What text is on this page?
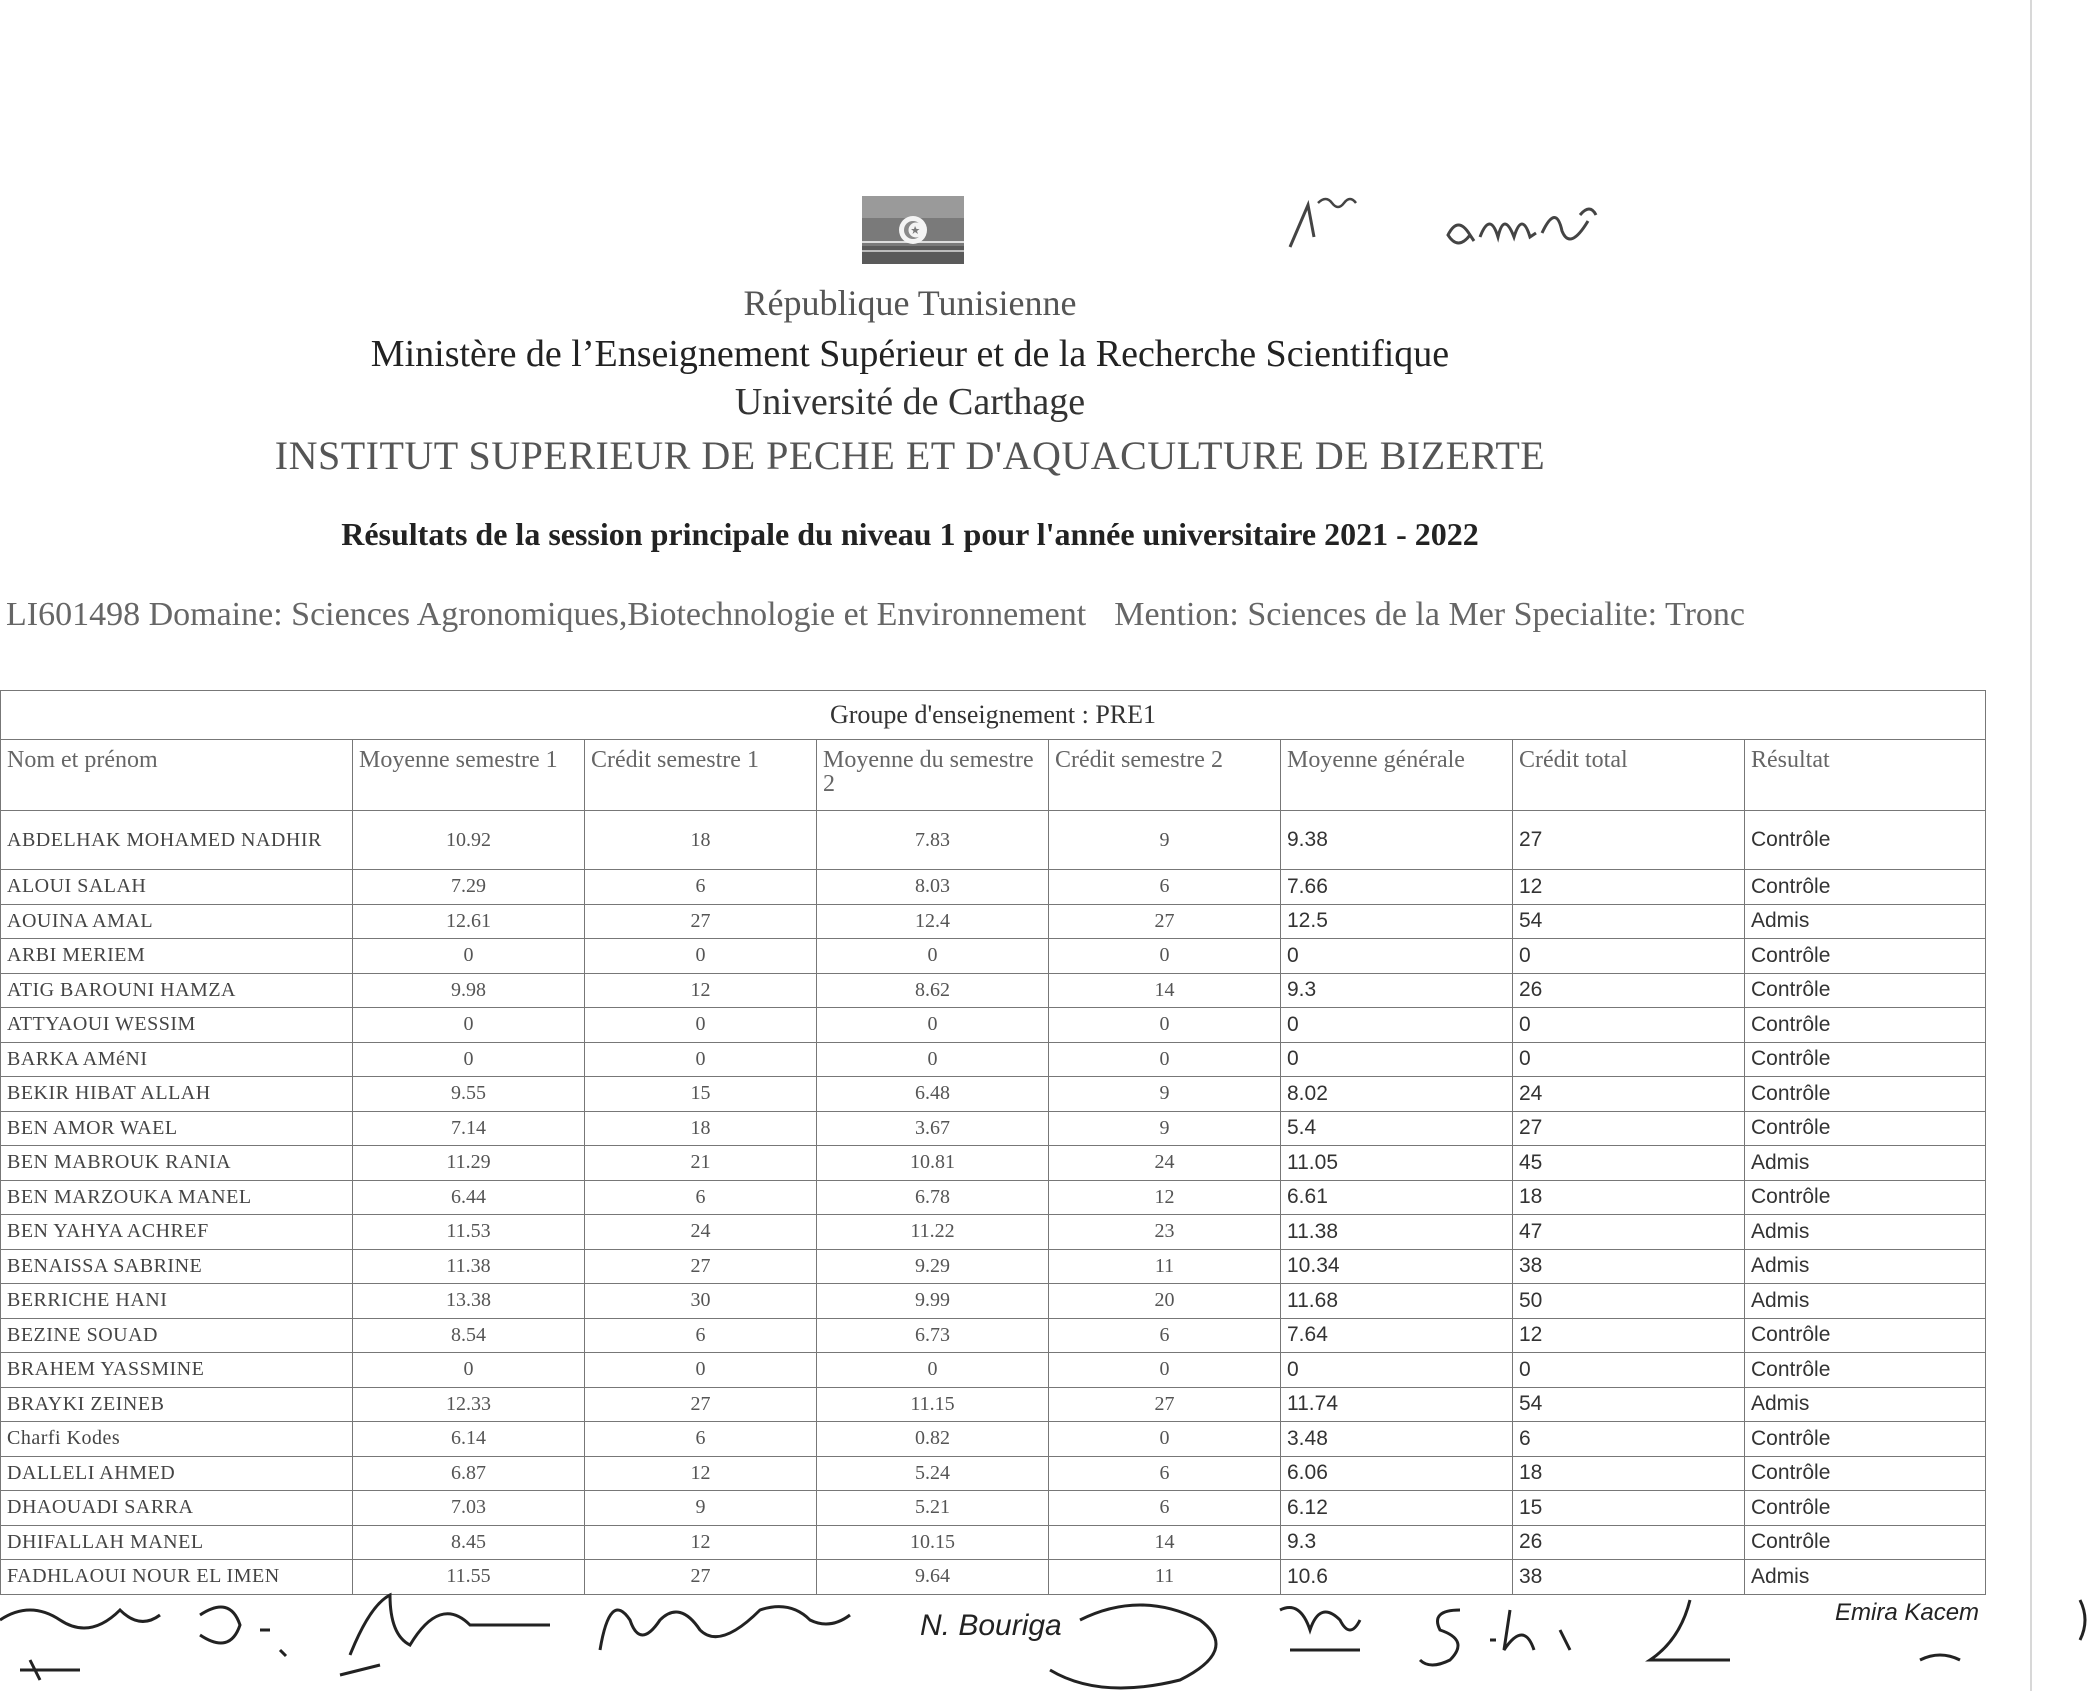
République Tunisienne
Ministère de l’Enseignement Supérieur et de la Recherche Scientifique
Université de Carthage
INSTITUT SUPERIEUR DE PECHE ET D'AQUACULTURE DE BIZERTE
Résultats de la session principale du niveau 1 pour l'année universitaire 2021 - 2022
LI601498 Domaine: Sciences Agronomiques,Biotechnologie et Environnement Mention: Sciences de la Mer Specialite: Tronc
Groupe d'enseignement : PRE1							
Nom et prénom	Moyenne semestre 1	Crédit semestre 1	Moyenne du semestre 2	Crédit semestre 2	Moyenne générale	Crédit total	Résultat
ABDELHAK MOHAMED NADHIR	10.92	18	7.83	9	9.38	27	Contrôle
ALOUI SALAH	7.29	6	8.03	6	7.66	12	Contrôle
AOUINA AMAL	12.61	27	12.4	27	12.5	54	Admis
ARBI MERIEM	0	0	0	0	0	0	Contrôle
ATIG BAROUNI HAMZA	9.98	12	8.62	14	9.3	26	Contrôle
ATTYAOUI WESSIM	0	0	0	0	0	0	Contrôle
BARKA AMéNI	0	0	0	0	0	0	Contrôle
BEKIR HIBAT ALLAH	9.55	15	6.48	9	8.02	24	Contrôle
BEN AMOR WAEL	7.14	18	3.67	9	5.4	27	Contrôle
BEN MABROUK RANIA	11.29	21	10.81	24	11.05	45	Admis
BEN MARZOUKA MANEL	6.44	6	6.78	12	6.61	18	Contrôle
BEN YAHYA ACHREF	11.53	24	11.22	23	11.38	47	Admis
BENAISSA SABRINE	11.38	27	9.29	11	10.34	38	Admis
BERRICHE HANI	13.38	30	9.99	20	11.68	50	Admis
BEZINE SOUAD	8.54	6	6.73	6	7.64	12	Contrôle
BRAHEM YASSMINE	0	0	0	0	0	0	Contrôle
BRAYKI ZEINEB	12.33	27	11.15	27	11.74	54	Admis
Charfi Kodes	6.14	6	0.82	0	3.48	6	Contrôle
DALLELI AHMED	6.87	12	5.24	6	6.06	18	Contrôle
DHAOUADI SARRA	7.03	9	5.21	6	6.12	15	Contrôle
DHIFALLAH MANEL	8.45	12	10.15	14	9.3	26	Contrôle
FADHLAOUI NOUR EL IMEN	11.55	27	9.64	11	10.6	38	Admis
N. Bouriga	Emira Kacem
